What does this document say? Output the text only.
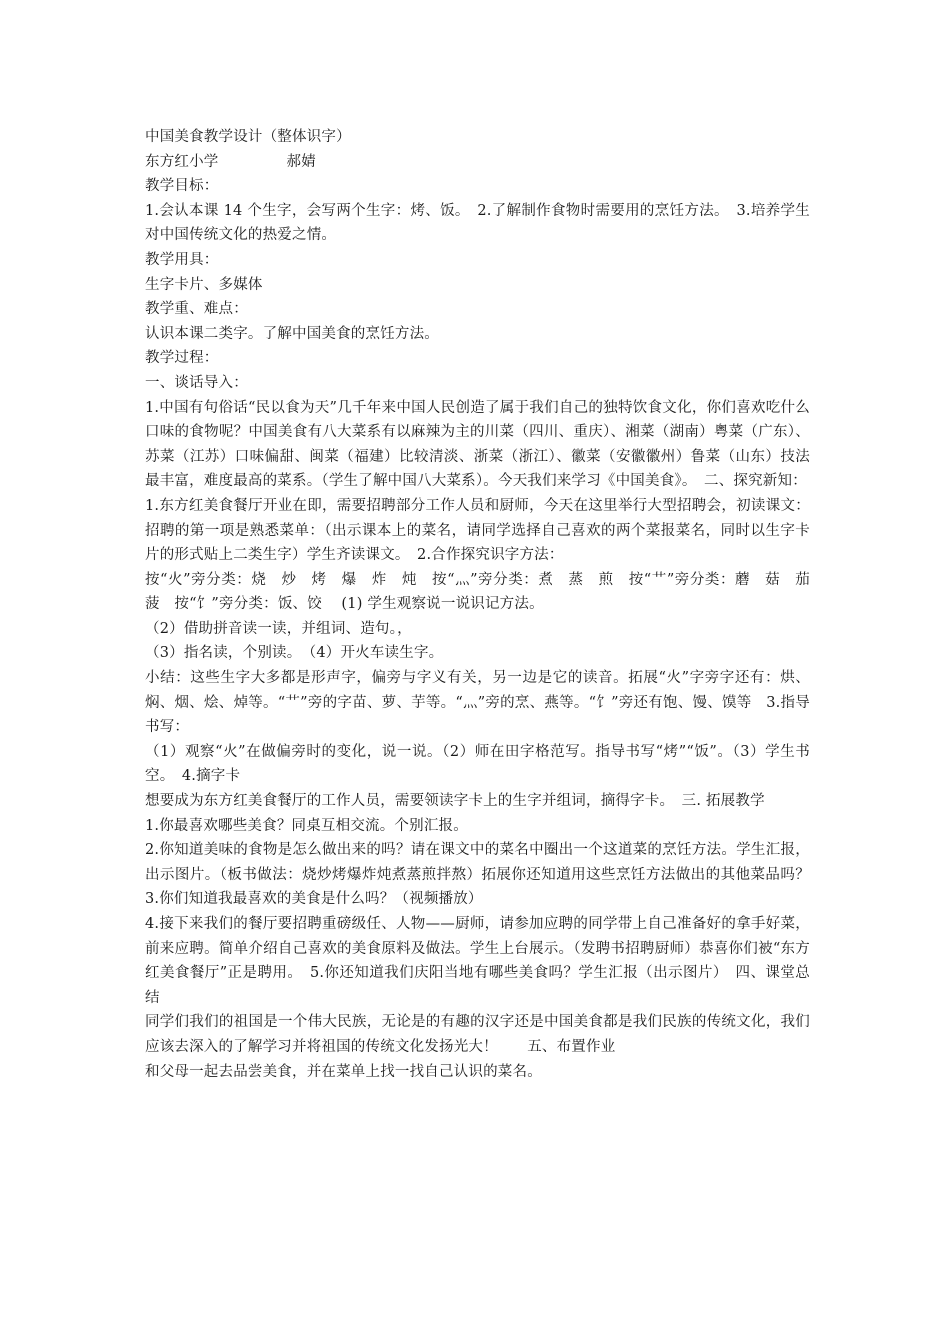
中国美食教学设计（整体识字）

东方红小学	郝婧

教学目标：

1.会认本课 14 个生字，会写两个生字：烤、饭。　2.了解制作食物时需要用的烹饪方法。　3.培养学生对中国传统文化的热爱之情。

教学用具：

生字卡片、多媒体

教学重、难点：

认识本课二类字。了解中国美食的烹饪方法。

教学过程：

一、谈话导入：

1.中国有句俗话“民以食为天”几千年来中国人民创造了属于我们自己的独特饮食文化，你们喜欢吃什么口味的食物呢？中国美食有八大菜系有以麻辣为主的川菜（四川、重庆）、湘菜（湖南）粤菜（广东）、苏菜（江苏）口味偏甜、闽菜（福建）比较清淡、浙菜（浙江）、徽菜（安徽徽州）鲁菜（山东）技法最丰富，难度最高的菜系。（学生了解中国八大菜系）。今天我们来学习《中国美食》。　二、探究新知：

1.东方红美食餐厅开业在即，需要招聘部分工作人员和厨师，今天在这里举行大型招聘会，初读课文：招聘的第一项是熟悉菜单：（出示课本上的菜名，请同学选择自己喜欢的两个菜报菜名，同时以生字卡片的形式贴上二类生字）学生齐读课文。　2.合作探究识字方法：

按“火”旁分类：烧　炒　烤　爆　炸　炖　按“灬”旁分类：煮　蒸　煎　按“艹”旁分类：蘑　菇　茄　菠　按“饣”旁分类：饭、饺　 (1) 学生观察说一说识记方法。

（2）借助拼音读一读，并组词、造句。，

（3）指名读，个别读。　（4）开火车读生字。

小结：这些生字大多都是形声字，偏旁与字义有关，另一边是它的读音。拓展“火”字旁字还有：烘、焖、烟、烩、焯等。“艹”旁的字苗、萝、芋等。“灬”旁的烹、燕等。“饣”旁还有饱、馒、馍等　3.指导书写：

（1）观察“火”在做偏旁时的变化，说一说。（2）师在田字格范写。指导书写“烤”“饭”。（3）学生书空。　4.摘字卡

想要成为东方红美食餐厅的工作人员，需要领读字卡上的生字并组词，摘得字卡。　三. 拓展教学

1.你最喜欢哪些美食？同桌互相交流。个别汇报。

2.你知道美味的食物是怎么做出来的吗？请在课文中的菜名中圈出一个这道菜的烹饪方法。学生汇报，出示图片。（板书做法：烧炒烤爆炸炖煮蒸煎拌熬）拓展你还知道用这些烹饪方法做出的其他菜品吗？　3.你们知道我最喜欢的美食是什么吗？（视频播放）

4.接下来我们的餐厅要招聘重磅级任、人物——厨师，请参加应聘的同学带上自己准备好的拿手好菜，前来应聘。简单介绍自己喜欢的美食原料及做法。学生上台展示。（发聘书招聘厨师）恭喜你们被“东方红美食餐厅”正是聘用。　5.你还知道我们庆阳当地有哪些美食吗？学生汇报（出示图片）　四、课堂总结

同学们我们的祖国是一个伟大民族，无论是的有趣的汉字还是中国美食都是我们民族的传统文化，我们应该去深入的了解学习并将祖国的传统文化发扬光大！　　五、布置作业

和父母一起去品尝美食，并在菜单上找一找自己认识的菜名。
